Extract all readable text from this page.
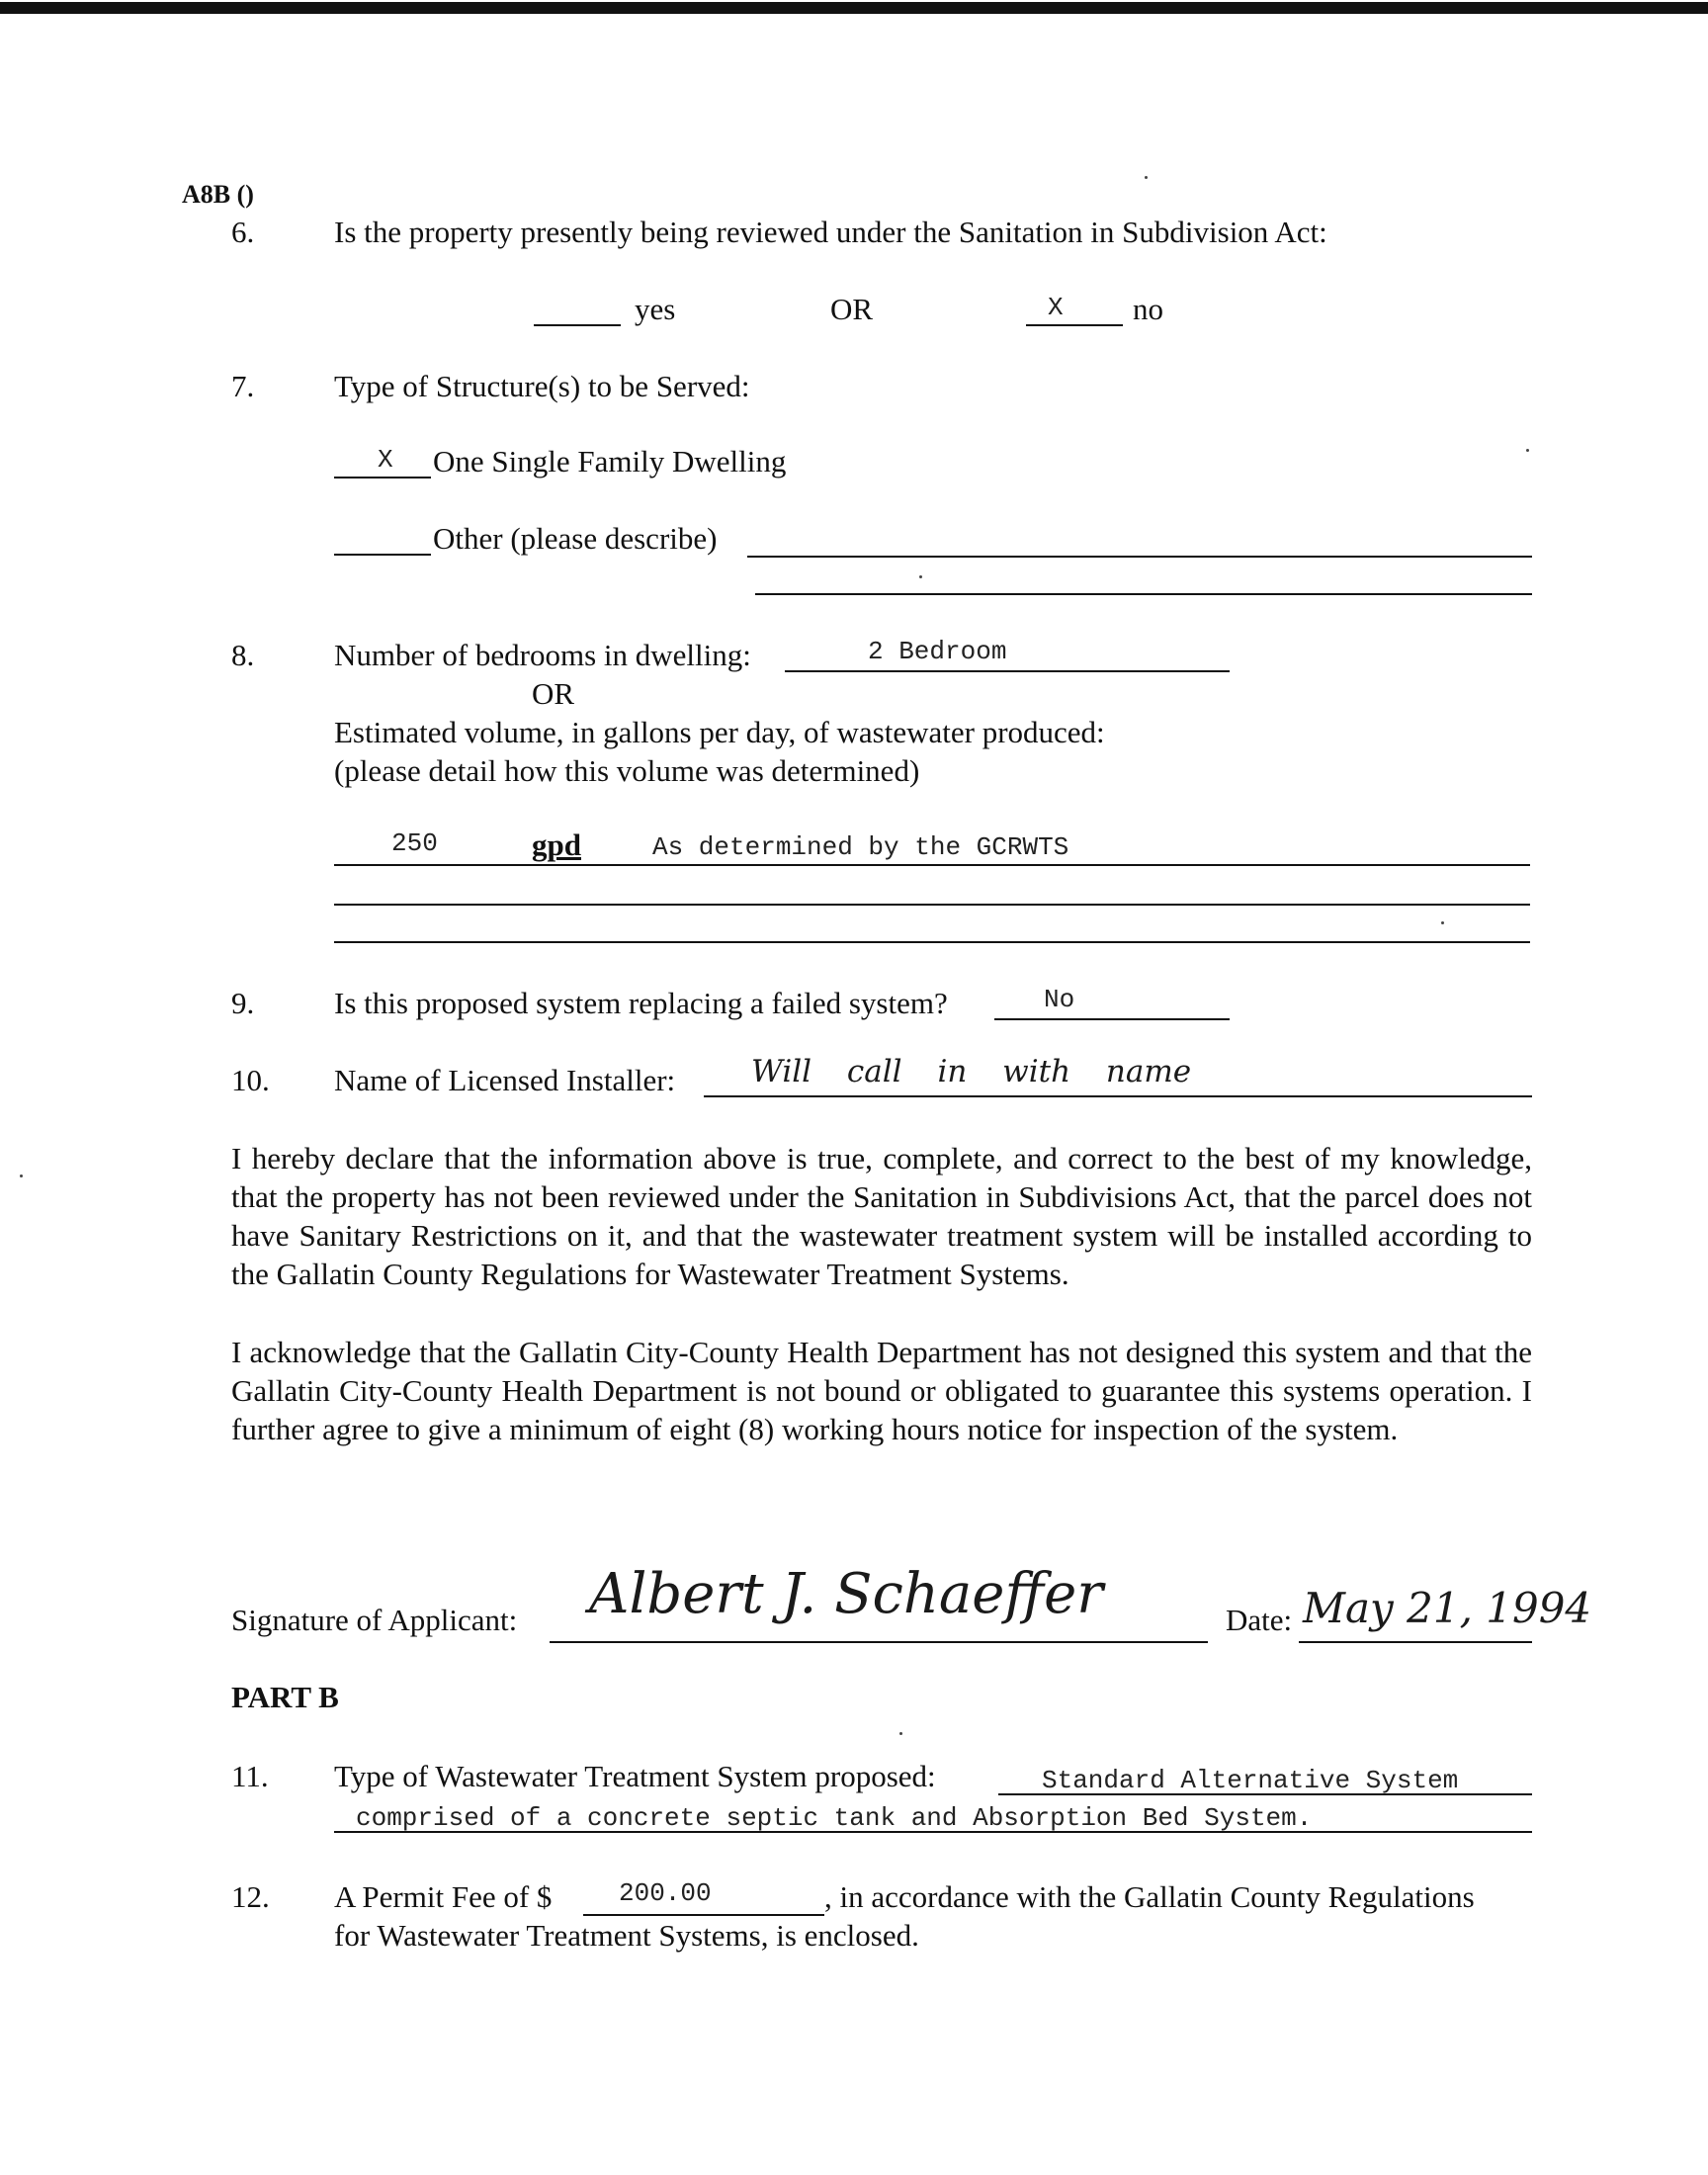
A8B ()
6.	Is the property presently being reviewed under the Sanitation in Subdivision Act:
yes	OR	X no
7.	Type of Structure(s) to be Served:
X One Single Family Dwelling
Other (please describe)
8.	Number of bedrooms in dwelling:	2 Bedroom
OR
Estimated volume, in gallons per day, of wastewater produced:
(please detail how this volume was determined)
250	gpd	As determined by the GCRWTS
9.	Is this proposed system replacing a failed system?	No
10. Name of Licensed Installer: Will call in with name
I hereby declare that the information above is true, complete, and correct to the best of my knowledge, that the property has not been reviewed under the Sanitation in Subdivisions Act, that the parcel does not have Sanitary Restrictions on it, and that the wastewater treatment system will be installed according to the Gallatin County Regulations for Wastewater Treatment Systems.
I acknowledge that the Gallatin City-County Health Department has not designed this system and that the Gallatin City-County Health Department is not bound or obligated to guarantee this systems operation. I further agree to give a minimum of eight (8) working hours notice for inspection of the system.
Signature of Applicant: Albert J. Schaeffer	Date: May 21, 1994
PART B
11. Type of Wastewater Treatment System proposed:	Standard Alternative System
comprised of a concrete septic tank and Absorption Bed System.
12. A Permit Fee of $	200.00	, in accordance with the Gallatin County Regulations
for Wastewater Treatment Systems, is enclosed.
